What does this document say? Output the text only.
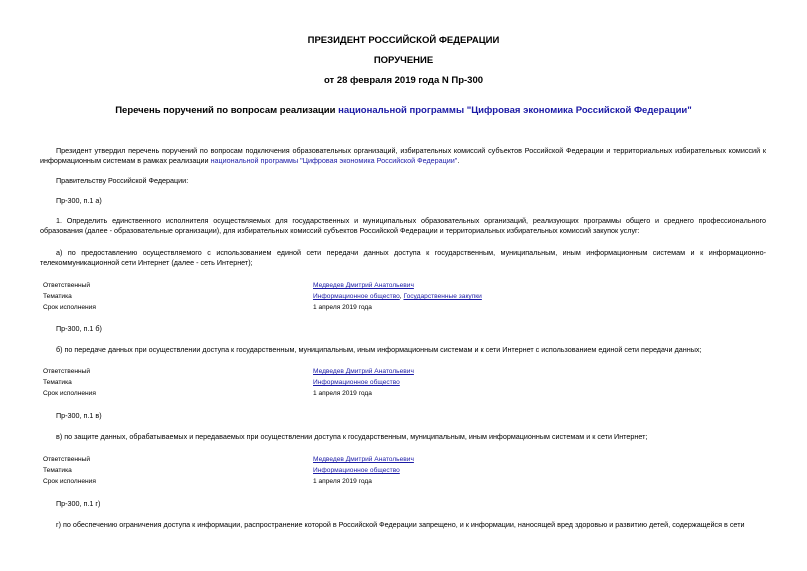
ПРЕЗИДЕНТ РОССИЙСКОЙ ФЕДЕРАЦИИ
ПОРУЧЕНИЕ
от 28 февраля 2019 года N Пр-300
Перечень поручений по вопросам реализации национальной программы "Цифровая экономика Российской Федерации"
Президент утвердил перечень поручений по вопросам подключения образовательных организаций, избирательных комиссий субъектов Российской Федерации и территориальных избирательных комиссий к информационным системам в рамках реализации национальной программы "Цифровая экономика Российской Федерации".
Правительству Российской Федерации:
Пр-300, п.1 а)
1. Определить единственного исполнителя осуществляемых для государственных и муниципальных образовательных организаций, реализующих программы общего и среднего профессионального образования (далее - образовательные организации), для избирательных комиссий субъектов Российской Федерации и территориальных избирательных комиссий закупок услуг:
а) по предоставлению осуществляемого с использованием единой сети передачи данных доступа к государственным, муниципальным, иным информационным системам и к информационно-телекоммуникационной сети Интернет (далее - сеть Интернет);
Ответственный	Медведев Дмитрий Анатольевич
Тематика	Информационное общество, Государственные закупки
Срок исполнения	1 апреля 2019 года
Пр-300, п.1 б)
б) по передаче данных при осуществлении доступа к государственным, муниципальным, иным информационным системам и к сети Интернет с использованием единой сети передачи данных;
Ответственный	Медведев Дмитрий Анатольевич
Тематика	Информационное общество
Срок исполнения	1 апреля 2019 года
Пр-300, п.1 в)
в) по защите данных, обрабатываемых и передаваемых при осуществлении доступа к государственным, муниципальным, иным информационным системам и к сети Интернет;
Ответственный	Медведев Дмитрий Анатольевич
Тематика	Информационное общество
Срок исполнения	1 апреля 2019 года
Пр-300, п.1 г)
г) по обеспечению ограничения доступа к информации, распространение которой в Российской Федерации запрещено, и к информации, наносящей вред здоровью и развитию детей, содержащейся в сети
